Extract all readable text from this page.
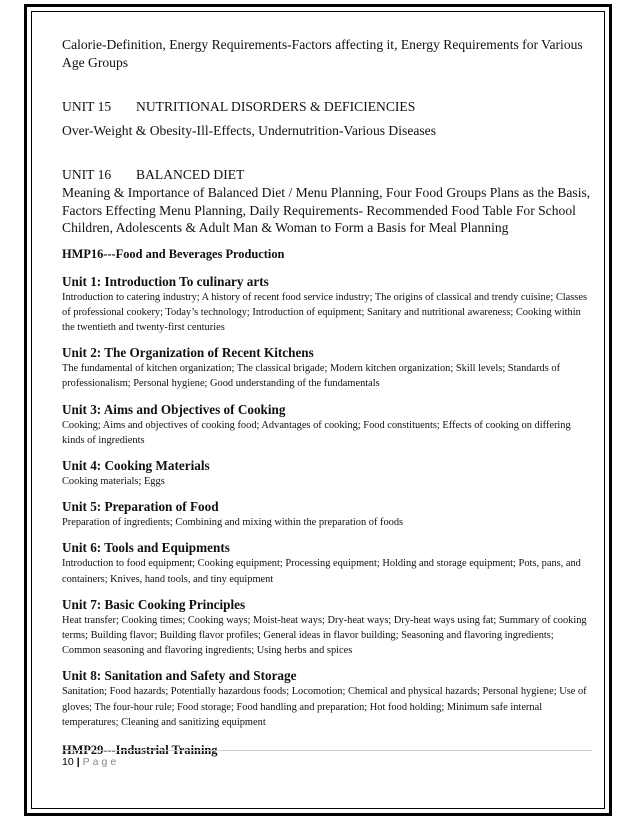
Calorie-Definition, Energy Requirements-Factors affecting it, Energy Requirements for Various Age Groups

UNIT 15 NUTRITIONAL DISORDERS & DEFICIENCIES

Over-Weight & Obesity-Ill-Effects, Undernutrition-Various Diseases

UNIT 16 BALANCED DIET

Meaning & Importance of Balanced Diet / Menu Planning, Four Food Groups Plans as the Basis, Factors Effecting Menu Planning, Daily Requirements- Recommended Food Table For School Children, Adolescents & Adult Man & Woman to Form a Basis for Meal Planning

HMP16---Food and Beverages Production

Unit 1: Introduction To culinary arts

Introduction to catering industry; A history of recent food service industry; The origins of classical and trendy cuisine; Classes of professional cookery; Today’s technology; Introduction of equipment; Sanitary and nutritional awareness; Cooking within the twentieth and twenty-first centuries

Unit 2: The Organization of Recent Kitchens

The fundamental of kitchen organization; The classical brigade; Modern kitchen organization; Skill levels; Standards of professionalism; Personal hygiene; Good understanding of the fundamentals

Unit 3: Aims and Objectives of Cooking

Cooking; Aims and objectives of cooking food; Advantages of cooking; Food constituents; Effects of cooking on differing kinds of ingredients

Unit 4: Cooking Materials

Cooking materials; Eggs

Unit 5: Preparation of Food

Preparation of ingredients; Combining and mixing within the preparation of foods

Unit 6: Tools and Equipments

Introduction to food equipment; Cooking equipment; Processing equipment; Holding and storage equipment; Pots, pans, and containers; Knives, hand tools, and tiny equipment

Unit 7: Basic Cooking Principles

Heat transfer; Cooking times; Cooking ways; Moist-heat ways; Dry-heat ways; Dry-heat ways using fat; Summary of cooking terms; Building flavor; Building flavor profiles; General ideas in flavor building; Seasoning and flavoring ingredients; Common seasoning and flavoring ingredients; Using herbs and spices

Unit 8: Sanitation and Safety and Storage

Sanitation; Food hazards; Potentially hazardous foods; Locomotion; Chemical and physical hazards; Personal hygiene; Use of gloves; The four-hour rule; Food storage; Food handling and preparation; Hot food holding; Minimum safe internal temperatures; Cleaning and sanitizing equipment

HMP29---Industrial Training

10 | Page
